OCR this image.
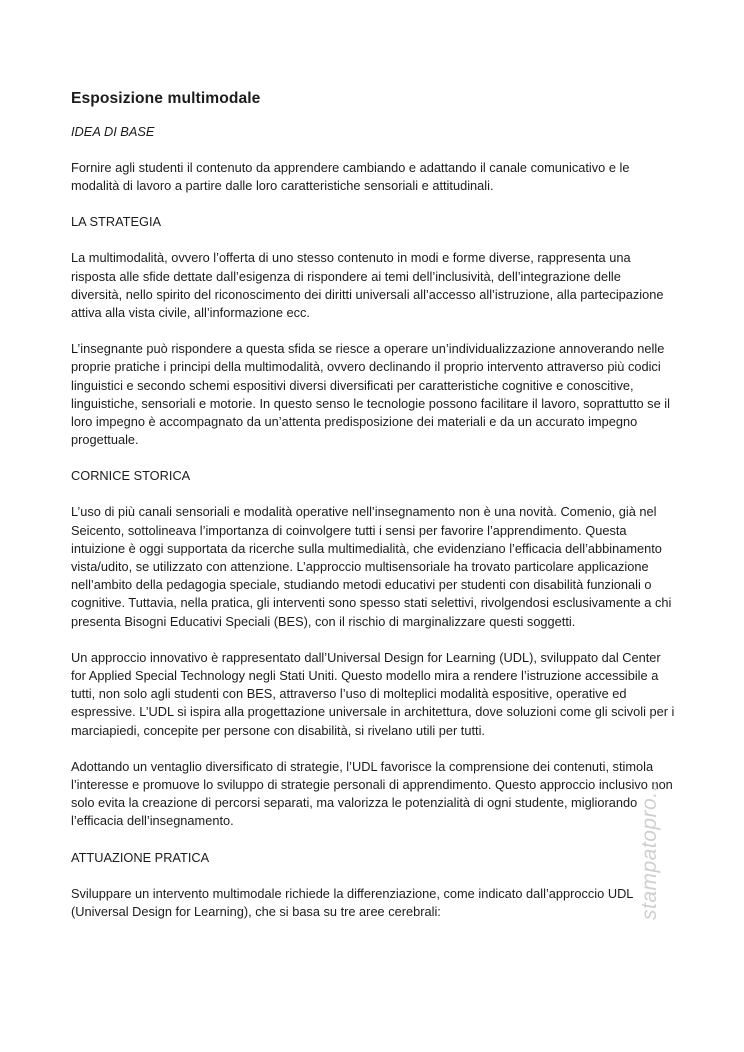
Esposizione multimodale

IDEA DI BASE

Fornire agli studenti il contenuto da apprendere cambiando e adattando il canale comunicativo e le modalità di lavoro a partire dalle loro caratteristiche sensoriali e attitudinali.

LA STRATEGIA

La multimodalità, ovvero l’offerta di uno stesso contenuto in modi e forme diverse, rappresenta una risposta alle sfide dettate dall’esigenza di rispondere ai temi dell’inclusività, dell’integrazione delle diversità, nello spirito del riconoscimento dei diritti universali all’accesso all’istruzione, alla partecipazione attiva alla vista civile, all’informazione ecc.

L’insegnante può rispondere a questa sfida se riesce a operare un’individualizzazione annoverando nelle proprie pratiche i principi della multimodalità, ovvero declinando il proprio intervento attraverso più codici linguistici e secondo schemi espositivi diversi diversificati per caratteristiche cognitive e conoscitive, linguistiche, sensoriali e motorie. In questo senso le tecnologie possono facilitare il lavoro, soprattutto se il loro impegno è accompagnato da un’attenta predisposizione dei materiali e da un accurato impegno progettuale.

CORNICE STORICA

L’uso di più canali sensoriali e modalità operative nell’insegnamento non è una novità. Comenio, già nel Seicento, sottolineava l’importanza di coinvolgere tutti i sensi per favorire l’apprendimento. Questa intuizione è oggi supportata da ricerche sulla multimedialità, che evidenziano l’efficacia dell’abbinamento vista/udito, se utilizzato con attenzione. L’approccio multisensoriale ha trovato particolare applicazione nell’ambito della pedagogia speciale, studiando metodi educativi per studenti con disabilità funzionali o cognitive. Tuttavia, nella pratica, gli interventi sono spesso stati selettivi, rivolgendosi esclusivamente a chi presenta Bisogni Educativi Speciali (BES), con il rischio di marginalizzare questi soggetti.

Un approccio innovativo è rappresentato dall’Universal Design for Learning (UDL), sviluppato dal Center for Applied Special Technology negli Stati Uniti. Questo modello mira a rendere l’istruzione accessibile a tutti, non solo agli studenti con BES, attraverso l’uso di molteplici modalità espositive, operative ed espressive. L’UDL si ispira alla progettazione universale in architettura, dove soluzioni come gli scivoli per i marciapiedi, concepite per persone con disabilità, si rivelano utili per tutti.

Adottando un ventaglio diversificato di strategie, l’UDL favorisce la comprensione dei contenuti, stimola l’interesse e promuove lo sviluppo di strategie personali di apprendimento. Questo approccio inclusivo non solo evita la creazione di percorsi separati, ma valorizza le potenzialità di ogni studente, migliorando l’efficacia dell’insegnamento.

ATTUAZIONE PRATICA

Sviluppare un intervento multimodale richiede la differenziazione, come indicato dall’approccio UDL (Universal Design for Learning), che si basa su tre aree cerebrali:	stampatopro...
